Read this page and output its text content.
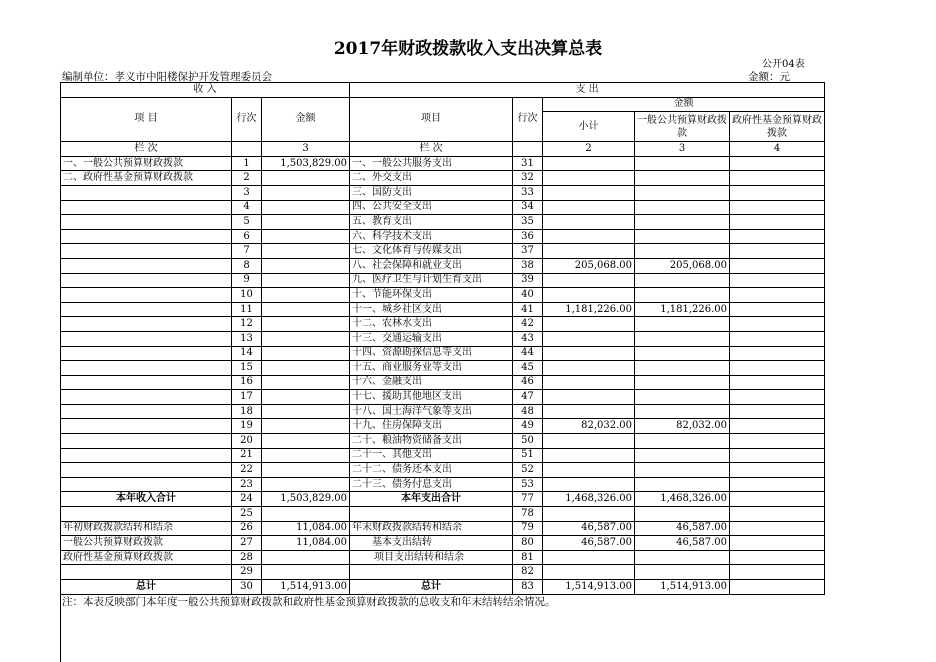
2017年财政拨款收入支出决算总表
公开04表
编制单位：孝义市中阳楼保护开发管理委员会	金额：元
收 入			支 出				
项 目	行次	金额	项目	行次	金额		
					小计	一般公共预算财政拨款	政府性基金预算财政拨款
栏 次		3	栏 次		2	3	4
一、一般公共预算财政拨款	1	1,503,829.00	一、一般公共服务支出	31			
二、政府性基金预算财政拨款	2		二、外交支出	32			
	3		三、国防支出	33			
	4		四、公共安全支出	34			
	5		五、教育支出	35			
	6		六、科学技术支出	36			
	7		七、文化体育与传媒支出	37			
	8		八、社会保障和就业支出	38	205,068.00	205,068.00	
	9		九、医疗卫生与计划生育支出	39			
	10		十、节能环保支出	40			
	11		十一、城乡社区支出	41	1,181,226.00	1,181,226.00	
	12		十二、农林水支出	42			
	13		十三、交通运输支出	43			
	14		十四、资源勘探信息等支出	44			
	15		十五、商业服务业等支出	45			
	16		十六、金融支出	46			
	17		十七、援助其他地区支出	47			
	18		十八、国土海洋气象等支出	48			
	19		十九、住房保障支出	49	82,032.00	82,032.00	
	20		二十、粮油物资储备支出	50			
	21		二十一、其他支出	51			
	22		二十二、债务还本支出	52			
	23		二十三、债务付息支出	53			
本年收入合计	24	1,503,829.00	本年支出合计	77	1,468,326.00	1,468,326.00	
	25			78			
年初财政拨款结转和结余	26	11,084.00	年末财政拨款结转和结余	79	46,587.00	46,587.00	
一般公共预算财政拨款	27	11,084.00	基本支出结转	80	46,587.00	46,587.00	
政府性基金预算财政拨款	28		项目支出结转和结余	81			
	29			82			
总计	30	1,514,913.00	总计	83	1,514,913.00	1,514,913.00	
注：本表反映部门本年度一般公共预算财政拨款和政府性基金预算财政拨款的总收支和年末结转结余情况。
